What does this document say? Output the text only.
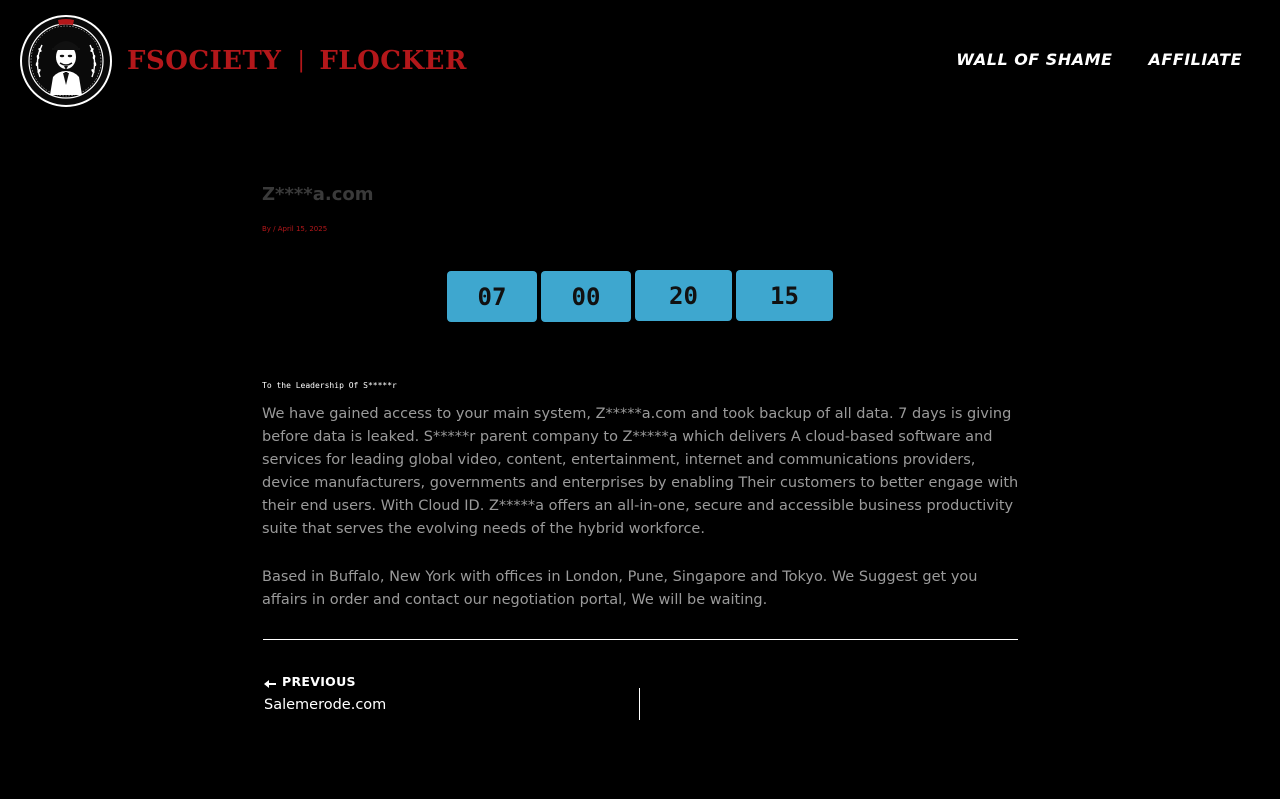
FSOCIETY | FLOCKER	WALL OF SHAME AFFILIATE
Z****a.com
By / April 15, 2025
07	00	20	15
To the Leadership Of S*****r

We have gained access to your main system, Z*****a.com and took backup of all data. 7 days is giving before data is leaked. S*****r parent company to Z*****a which delivers A cloud-based software and services for leading global video, content, entertainment, internet and communications providers, device manufacturers, governments and enterprises by enabling Their customers to better engage with their end users. With Cloud ID. Z*****a offers an all-in-one, secure and accessible business productivity suite that serves the evolving needs of the hybrid workforce.

Based in Buffalo, New York with offices in London, Pune, Singapore and Tokyo. We Suggest get you affairs in order and contact our negotiation portal, We will be waiting.

PREVIOUS
Salemerode.com
